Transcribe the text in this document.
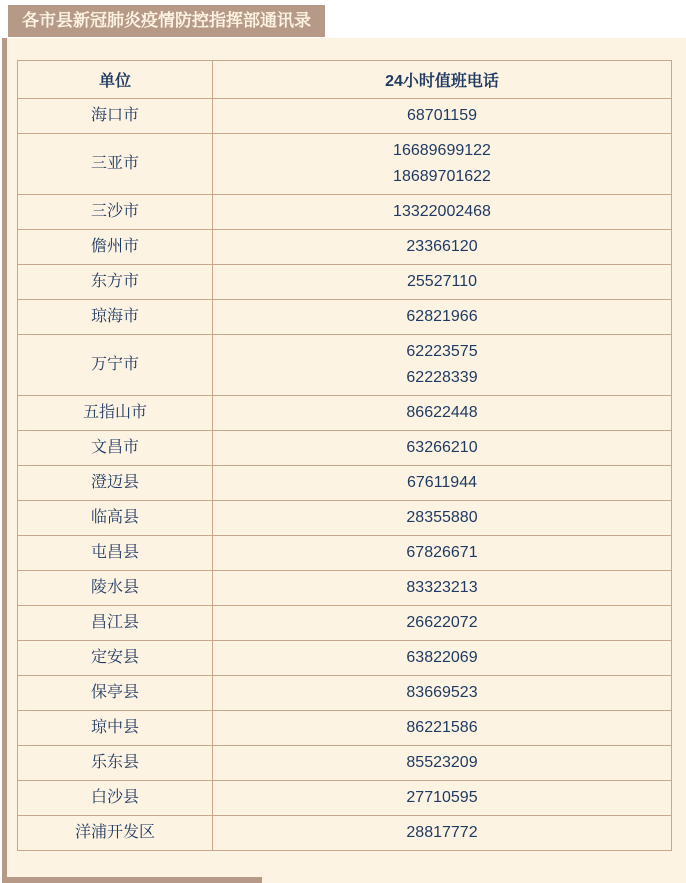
各市县新冠肺炎疫情防控指挥部通讯录
单位	24小时值班电话
海口市	68701159

三亚市	16689699122
18689701622

三沙市	13322002468

儋州市	23366120

东方市	25527110

琼海市	62821966

万宁市	62223575
62228339

五指山市	86622448

文昌市	63266210

澄迈县	67611944

临高县	28355880

屯昌县	67826671

陵水县	83323213

昌江县	26622072

定安县	63822069

保亭县	83669523

琼中县	86221586

乐东县	85523209

白沙县	27710595

洋浦开发区	28817772
